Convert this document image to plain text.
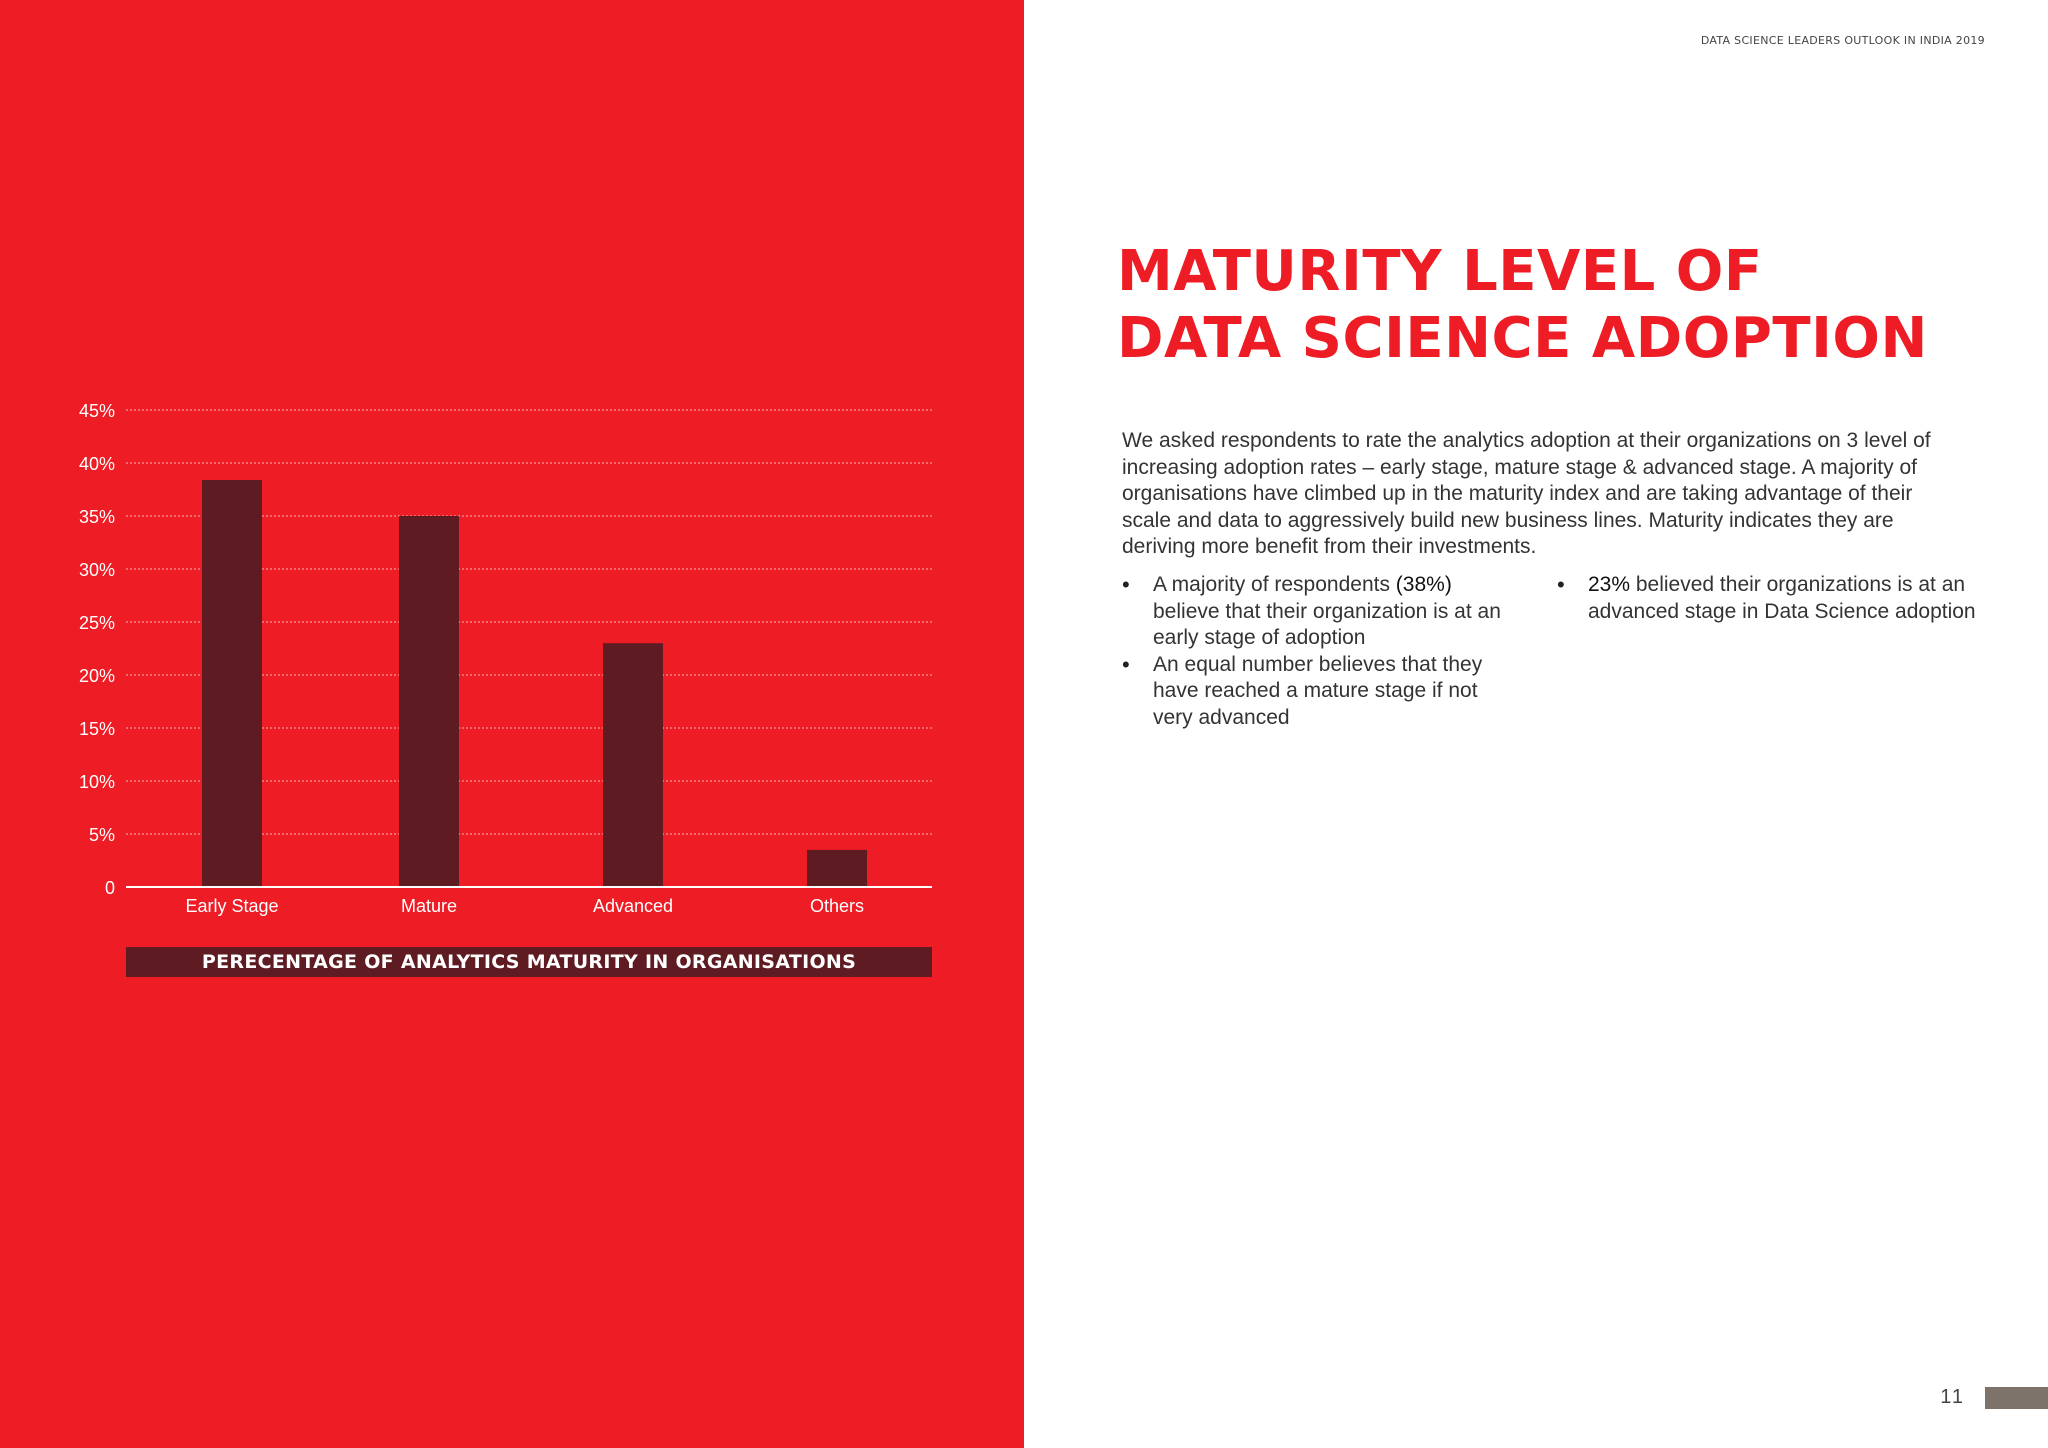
0
5%
10%
15%
20%
25%
30%
35%
40%
45%
Early Stage	Mature	Advanced	Others
PERECENTAGE OF ANALYTICS MATURITY IN ORGANISATIONS
DATA SCIENCE LEADERS OUTLOOK IN INDIA 2019
MATURITY LEVEL OF
DATA SCIENCE ADOPTION

We asked respondents to rate the analytics adoption at their organizations on 3 level of increasing adoption rates – early stage, mature stage & advanced stage. A majority of organisations have climbed up in the maturity index and are taking advantage of their scale and data to aggressively build new business lines. Maturity indicates they are deriving more benefit from their investments.

• A majority of respondents (38%) believe that their organization is at an early stage of adoption
• An equal number believes that they have reached a mature stage if not very advanced
• 23% believed their organizations is at an advanced stage in Data Science adoption
11
